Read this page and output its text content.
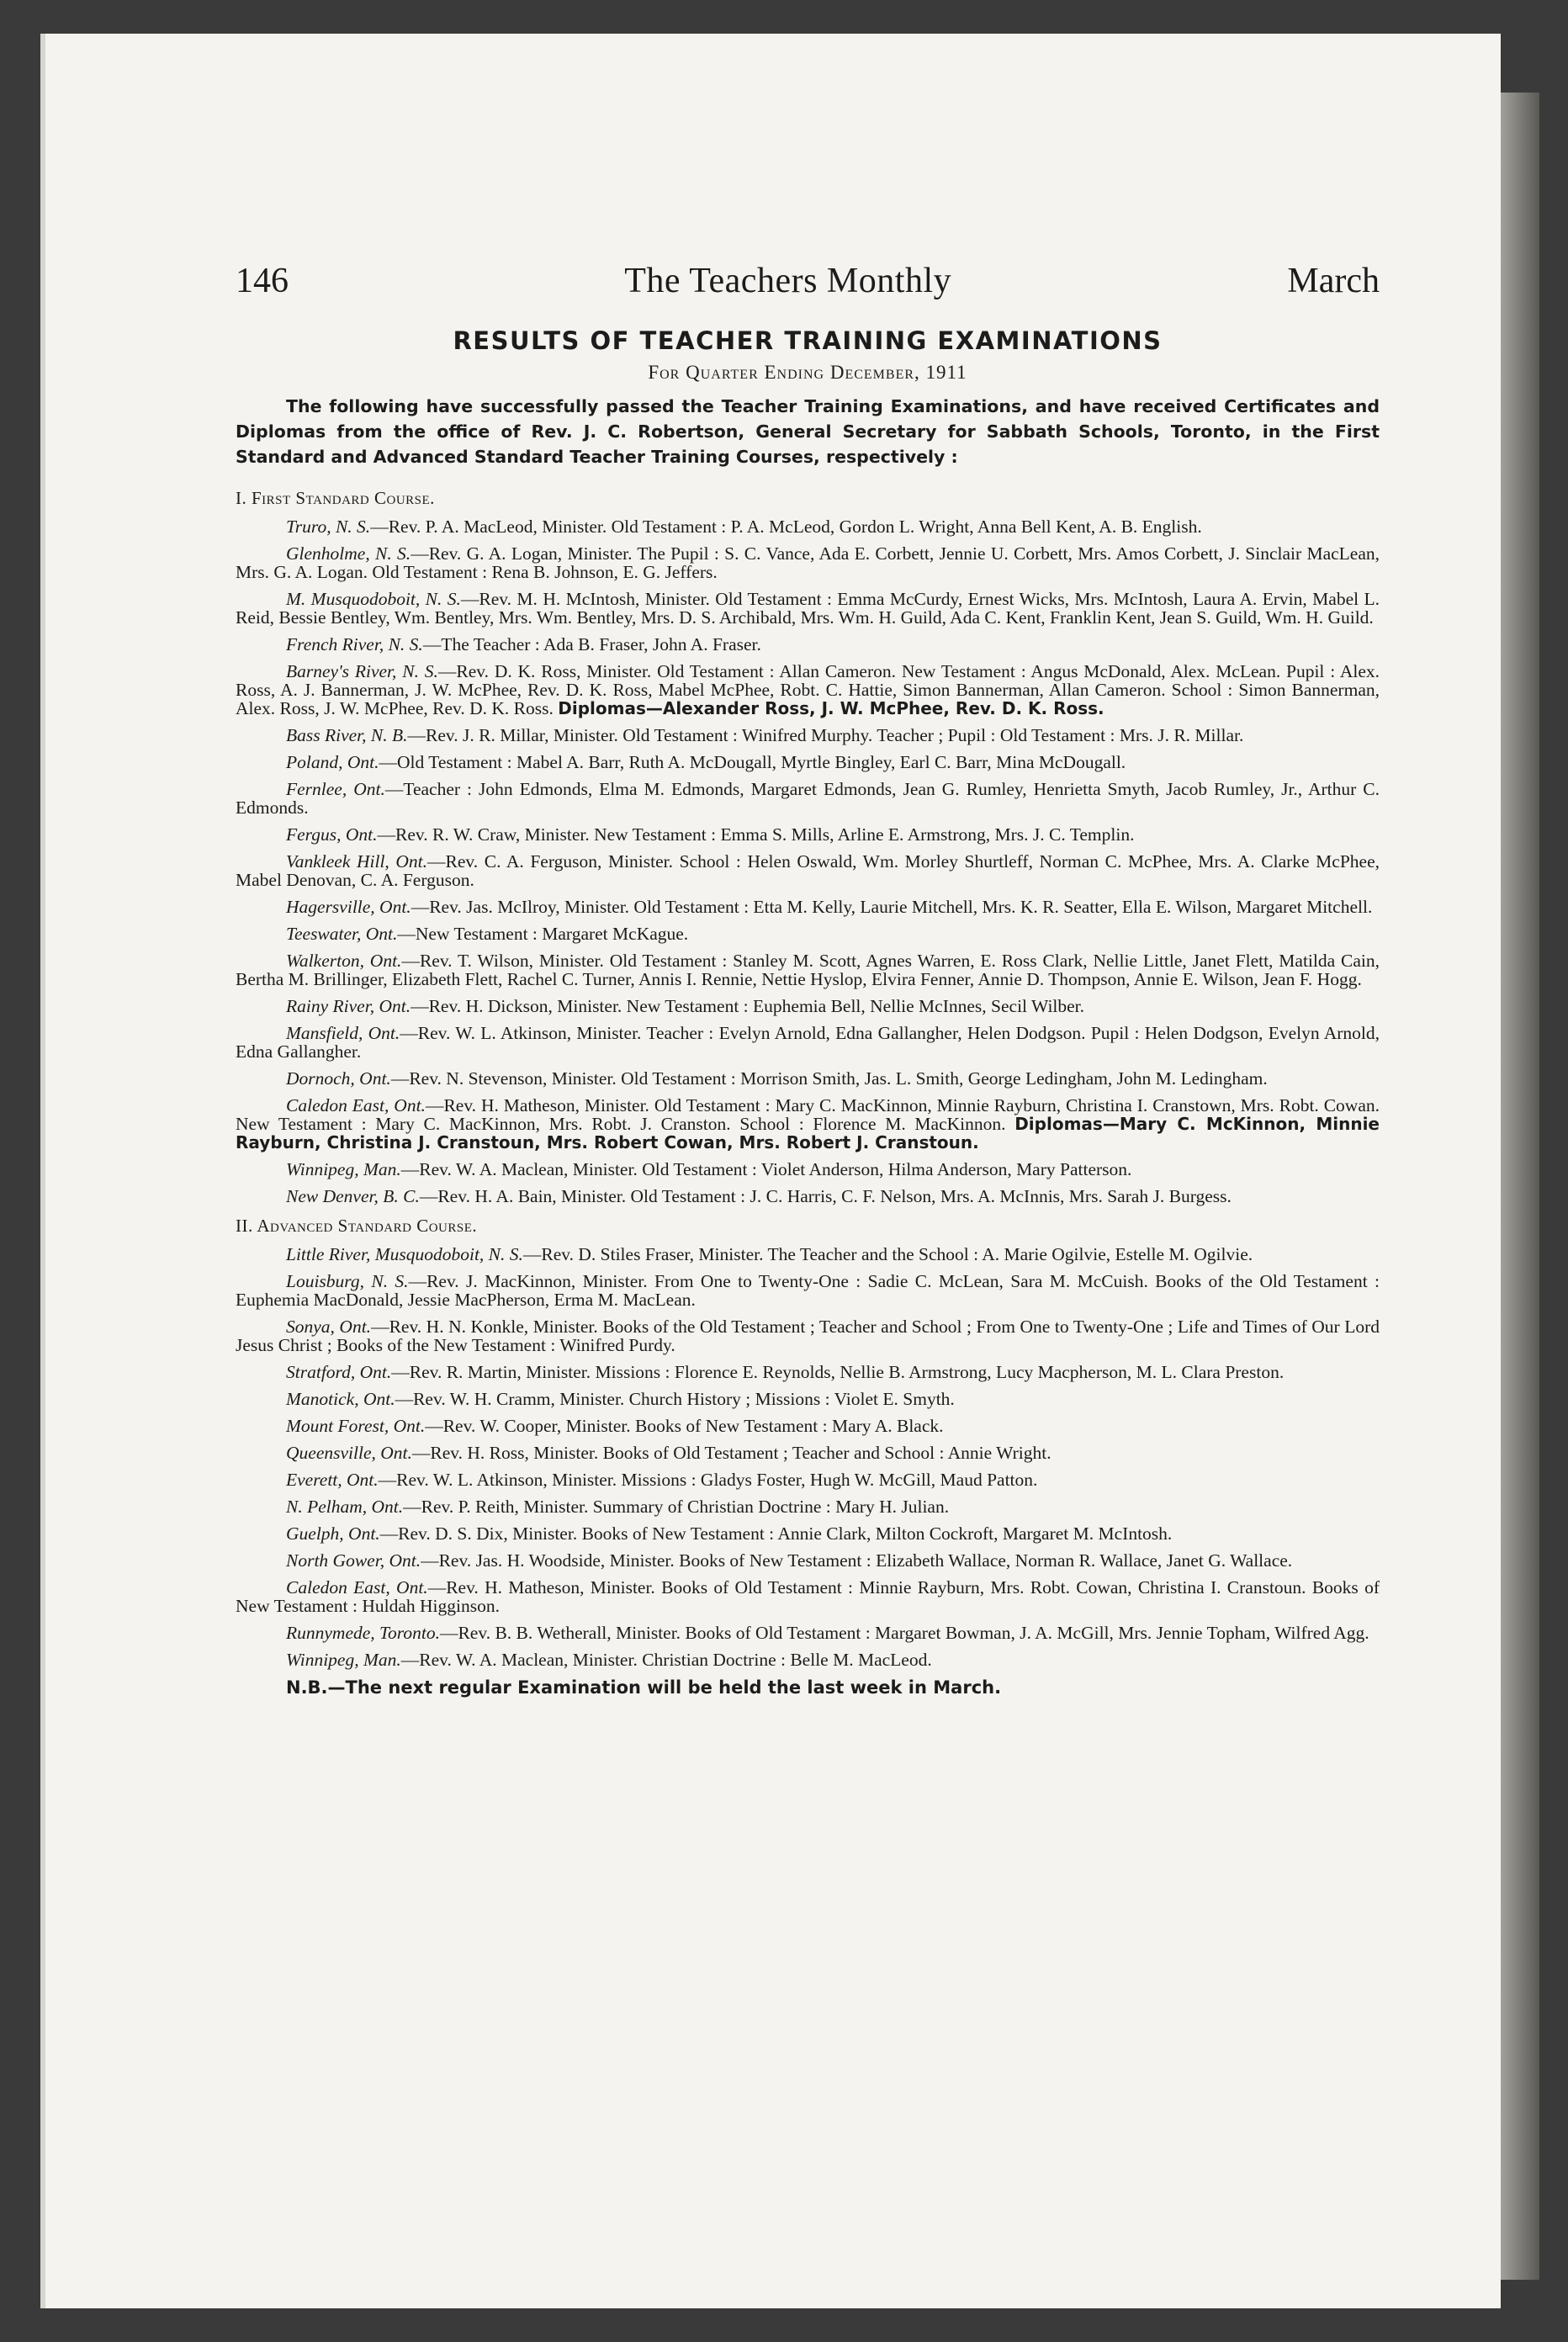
146	The Teachers Monthly	March
RESULTS OF TEACHER TRAINING EXAMINATIONS
For Quarter Ending December, 1911

The following have successfully passed the Teacher Training Examinations, and have received Certificates and Diplomas from the office of Rev. J. C. Robertson, General Secretary for Sabbath Schools, Toronto, in the First Standard and Advanced Standard Teacher Training Courses, respectively :

I. First Standard Course.

Truro, N. S.—Rev. P. A. MacLeod, Minister. Old Testament : P. A. McLeod, Gordon L. Wright, Anna Bell Kent, A. B. English.

Glenholme, N. S.—Rev. G. A. Logan, Minister. The Pupil : S. C. Vance, Ada E. Corbett, Jennie U. Corbett, Mrs. Amos Corbett, J. Sinclair MacLean, Mrs. G. A. Logan. Old Testament : Rena B. Johnson, E. G. Jeffers.

M. Musquodoboit, N. S.—Rev. M. H. McIntosh, Minister. Old Testament : Emma McCurdy, Ernest Wicks, Mrs. McIntosh, Laura A. Ervin, Mabel L. Reid, Bessie Bentley, Wm. Bentley, Mrs. Wm. Bentley, Mrs. D. S. Archibald, Mrs. Wm. H. Guild, Ada C. Kent, Franklin Kent, Jean S. Guild, Wm. H. Guild.

French River, N. S.—The Teacher : Ada B. Fraser, John A. Fraser.

Barney's River, N. S.—Rev. D. K. Ross, Minister. Old Testament : Allan Cameron. New Testament : Angus McDonald, Alex. McLean. Pupil : Alex. Ross, A. J. Bannerman, J. W. McPhee, Rev. D. K. Ross, Mabel McPhee, Robt. C. Hattie, Simon Bannerman, Allan Cameron. School : Simon Bannerman, Alex. Ross, J. W. McPhee, Rev. D. K. Ross. Diplomas—Alexander Ross, J. W. McPhee, Rev. D. K. Ross.

Bass River, N. B.—Rev. J. R. Millar, Minister. Old Testament : Winifred Murphy. Teacher ; Pupil : Old Testament : Mrs. J. R. Millar.

Poland, Ont.—Old Testament : Mabel A. Barr, Ruth A. McDougall, Myrtle Bingley, Earl C. Barr, Mina McDougall.

Fernlee, Ont.—Teacher : John Edmonds, Elma M. Edmonds, Margaret Edmonds, Jean G. Rumley, Henrietta Smyth, Jacob Rumley, Jr., Arthur C. Edmonds.

Fergus, Ont.—Rev. R. W. Craw, Minister. New Testament : Emma S. Mills, Arline E. Armstrong, Mrs. J. C. Templin.

Vankleek Hill, Ont.—Rev. C. A. Ferguson, Minister. School : Helen Oswald, Wm. Morley Shurtleff, Norman C. McPhee, Mrs. A. Clarke McPhee, Mabel Denovan, C. A. Ferguson.

Hagersville, Ont.—Rev. Jas. McIlroy, Minister. Old Testament : Etta M. Kelly, Laurie Mitchell, Mrs. K. R. Seatter, Ella E. Wilson, Margaret Mitchell.

Teeswater, Ont.—New Testament : Margaret McKague.

Walkerton, Ont.—Rev. T. Wilson, Minister. Old Testament : Stanley M. Scott, Agnes Warren, E. Ross Clark, Nellie Little, Janet Flett, Matilda Cain, Bertha M. Brillinger, Elizabeth Flett, Rachel C. Turner, Annis I. Rennie, Nettie Hyslop, Elvira Fenner, Annie D. Thompson, Annie E. Wilson, Jean F. Hogg.

Rainy River, Ont.—Rev. H. Dickson, Minister. New Testament : Euphemia Bell, Nellie McInnes, Secil Wilber.

Mansfield, Ont.—Rev. W. L. Atkinson, Minister. Teacher : Evelyn Arnold, Edna Gallangher, Helen Dodgson. Pupil : Helen Dodgson, Evelyn Arnold, Edna Gallangher.

Dornoch, Ont.—Rev. N. Stevenson, Minister. Old Testament : Morrison Smith, Jas. L. Smith, George Ledingham, John M. Ledingham.

Caledon East, Ont.—Rev. H. Matheson, Minister. Old Testament : Mary C. MacKinnon, Minnie Rayburn, Christina I. Cranstown, Mrs. Robt. Cowan. New Testament : Mary C. MacKinnon, Mrs. Robt. J. Cranston. School : Florence M. MacKinnon. Diplomas—Mary C. McKinnon, Minnie Rayburn, Christina J. Cranstoun, Mrs. Robert Cowan, Mrs. Robert J. Cranstoun.

Winnipeg, Man.—Rev. W. A. Maclean, Minister. Old Testament : Violet Anderson, Hilma Anderson, Mary Patterson.

New Denver, B. C.—Rev. H. A. Bain, Minister. Old Testament : J. C. Harris, C. F. Nelson, Mrs. A. McInnis, Mrs. Sarah J. Burgess.

II. Advanced Standard Course.

Little River, Musquodoboit, N. S.—Rev. D. Stiles Fraser, Minister. The Teacher and the School : A. Marie Ogilvie, Estelle M. Ogilvie.

Louisburg, N. S.—Rev. J. MacKinnon, Minister. From One to Twenty-One : Sadie C. McLean, Sara M. McCuish. Books of the Old Testament : Euphemia MacDonald, Jessie MacPherson, Erma M. MacLean.

Sonya, Ont.—Rev. H. N. Konkle, Minister. Books of the Old Testament ; Teacher and School ; From One to Twenty-One ; Life and Times of Our Lord Jesus Christ ; Books of the New Testament : Winifred Purdy.

Stratford, Ont.—Rev. R. Martin, Minister. Missions : Florence E. Reynolds, Nellie B. Armstrong, Lucy Macpherson, M. L. Clara Preston.

Manotick, Ont.—Rev. W. H. Cramm, Minister. Church History ; Missions : Violet E. Smyth.

Mount Forest, Ont.—Rev. W. Cooper, Minister. Books of New Testament : Mary A. Black.

Queensville, Ont.—Rev. H. Ross, Minister. Books of Old Testament ; Teacher and School : Annie Wright.

Everett, Ont.—Rev. W. L. Atkinson, Minister. Missions : Gladys Foster, Hugh W. McGill, Maud Patton.

N. Pelham, Ont.—Rev. P. Reith, Minister. Summary of Christian Doctrine : Mary H. Julian.

Guelph, Ont.—Rev. D. S. Dix, Minister. Books of New Testament : Annie Clark, Milton Cockroft, Margaret M. McIntosh.

North Gower, Ont.—Rev. Jas. H. Woodside, Minister. Books of New Testament : Elizabeth Wallace, Norman R. Wallace, Janet G. Wallace.

Caledon East, Ont.—Rev. H. Matheson, Minister. Books of Old Testament : Minnie Rayburn, Mrs. Robt. Cowan, Christina I. Cranstoun. Books of New Testament : Huldah Higginson.

Runnymede, Toronto.—Rev. B. B. Wetherall, Minister. Books of Old Testament : Margaret Bowman, J. A. McGill, Mrs. Jennie Topham, Wilfred Agg.

Winnipeg, Man.—Rev. W. A. Maclean, Minister. Christian Doctrine : Belle M. MacLeod.

N.B.—The next regular Examination will be held the last week in March.
